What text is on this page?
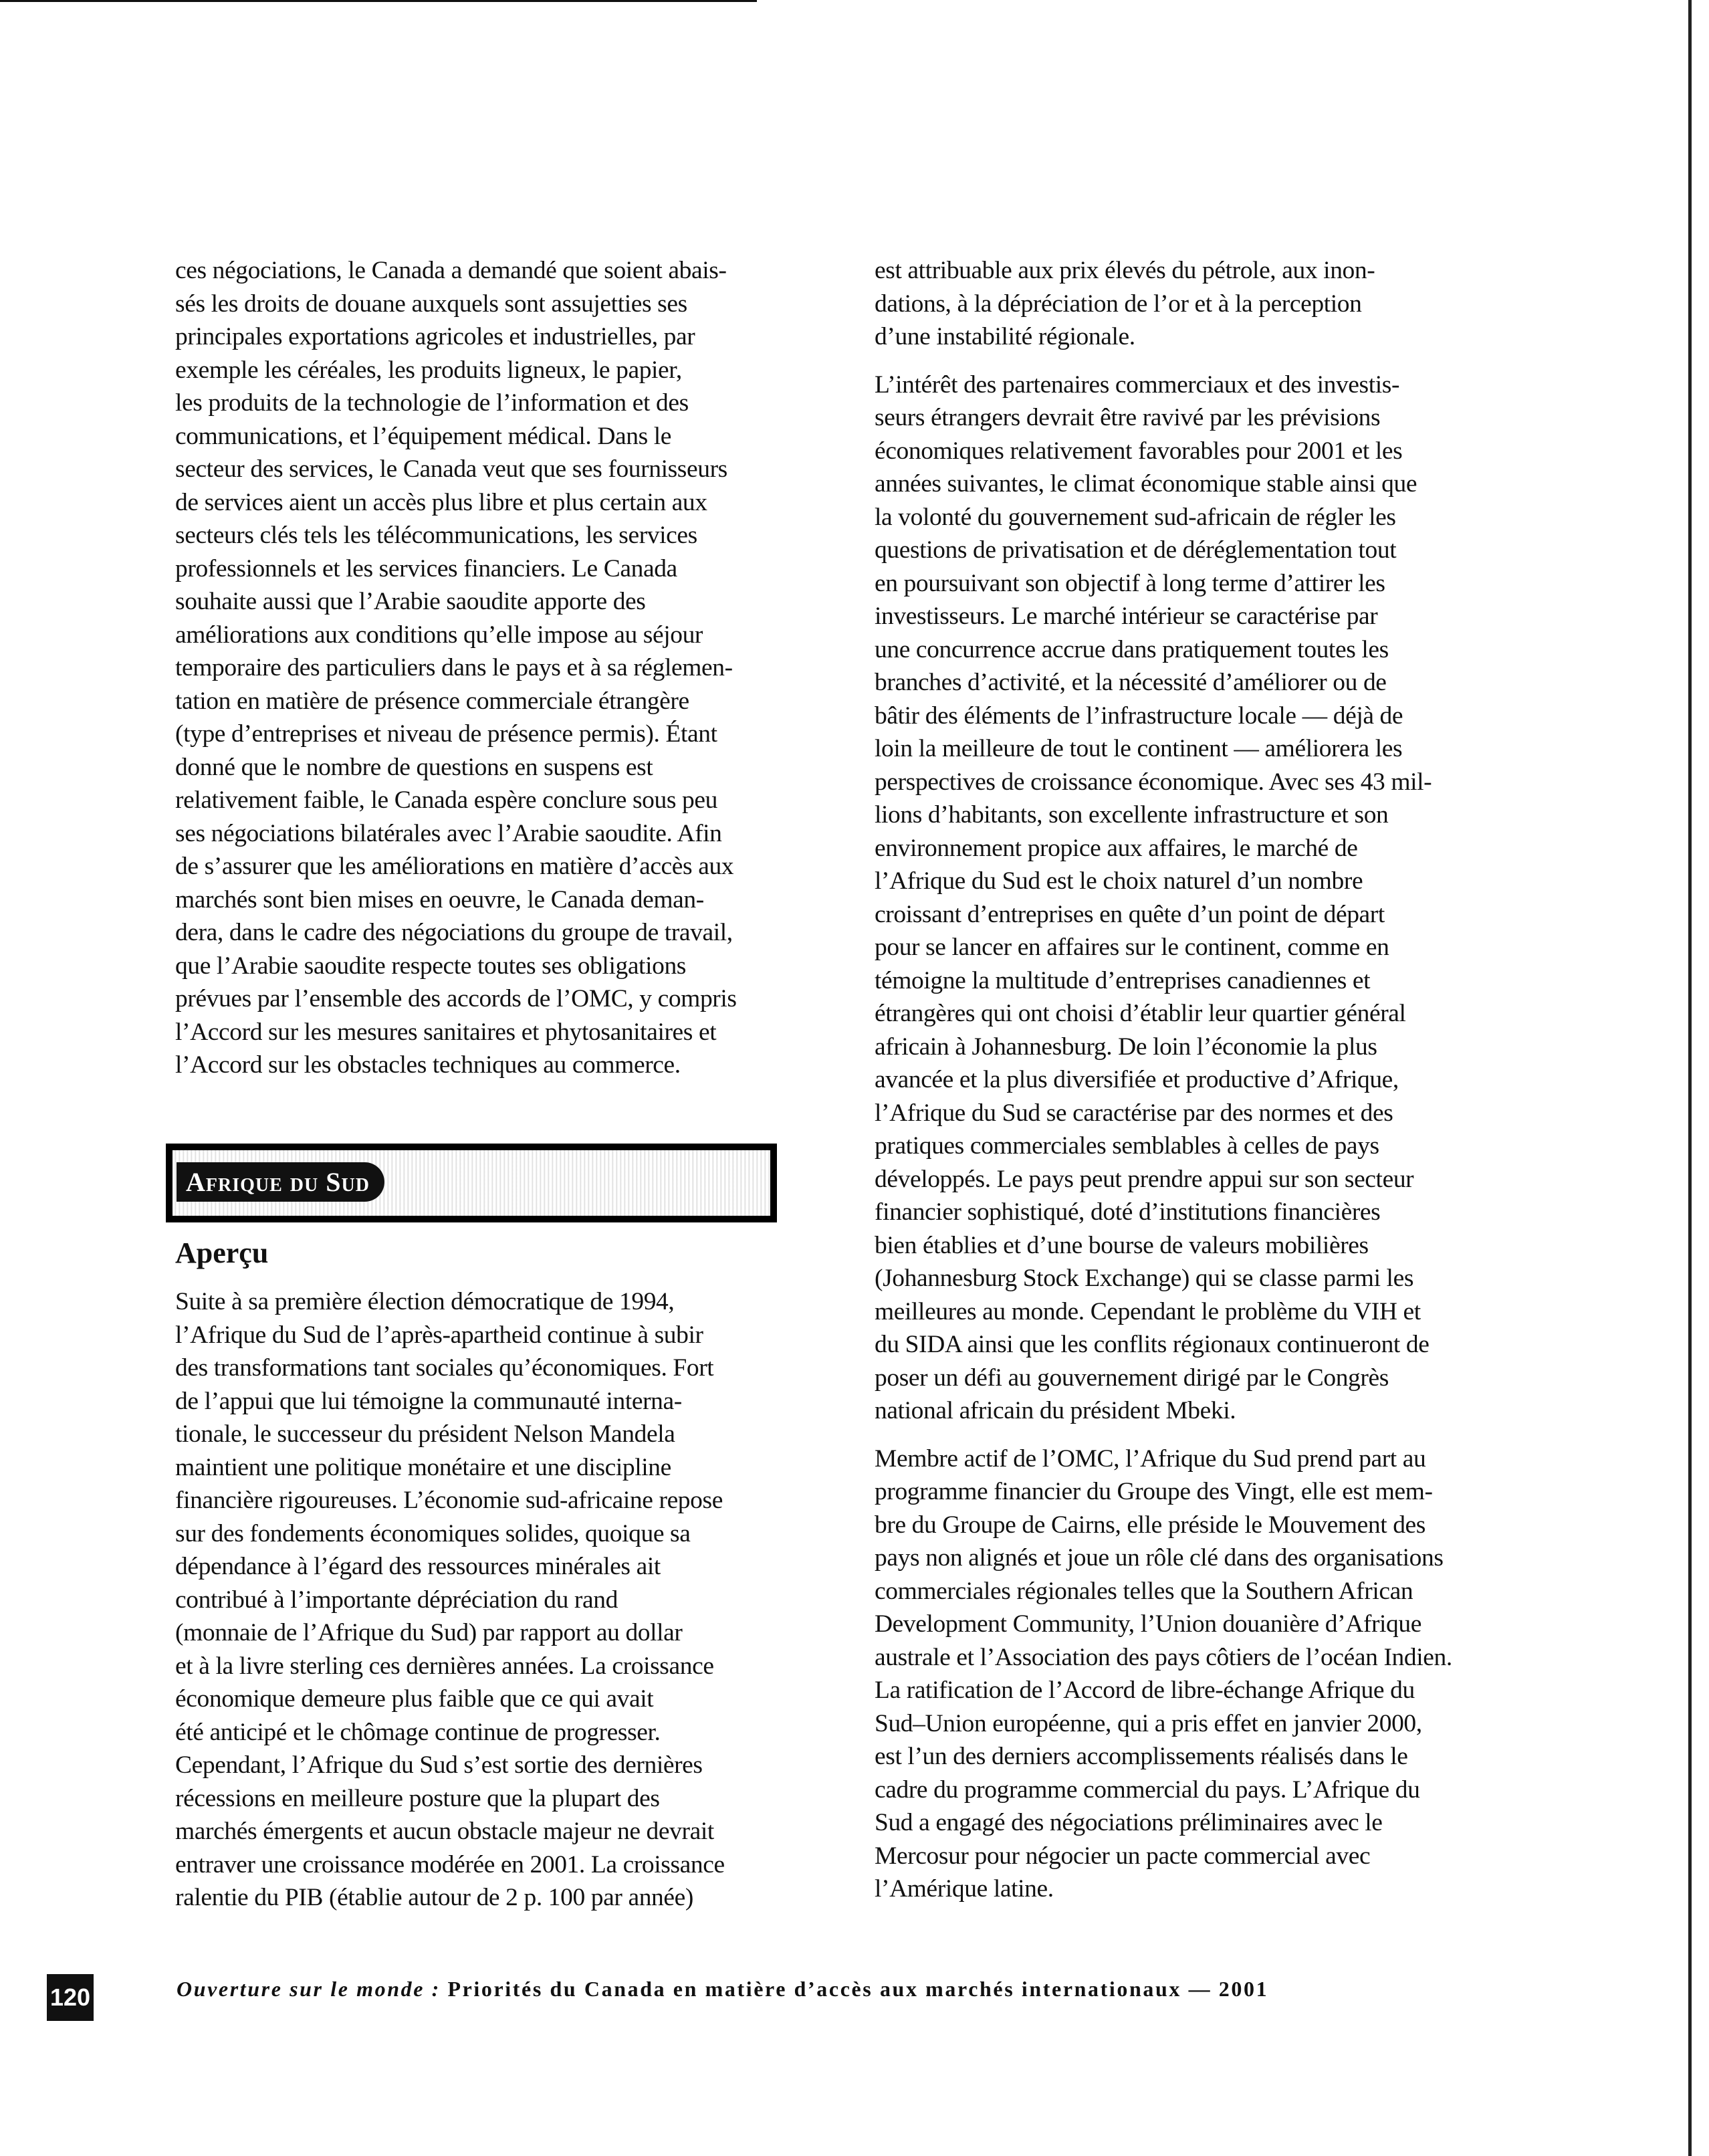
ces négociations, le Canada a demandé que soient abais-
sés les droits de douane auxquels sont assujetties ses
principales exportations agricoles et industrielles, par
exemple les céréales, les produits ligneux, le papier,
les produits de la technologie de l’information et des
communications, et l’équipement médical. Dans le
secteur des services, le Canada veut que ses fournisseurs
de services aient un accès plus libre et plus certain aux
secteurs clés tels les télécommunications, les services
professionnels et les services financiers. Le Canada
souhaite aussi que l’Arabie saoudite apporte des
améliorations aux conditions qu’elle impose au séjour
temporaire des particuliers dans le pays et à sa réglemen-
tation en matière de présence commerciale étrangère
(type d’entreprises et niveau de présence permis). Étant
donné que le nombre de questions en suspens est
relativement faible, le Canada espère conclure sous peu
ses négociations bilatérales avec l’Arabie saoudite. Afin
de s’assurer que les améliorations en matière d’accès aux
marchés sont bien mises en oeuvre, le Canada deman-
dera, dans le cadre des négociations du groupe de travail,
que l’Arabie saoudite respecte toutes ses obligations
prévues par l’ensemble des accords de l’OMC, y compris
l’Accord sur les mesures sanitaires et phytosanitaires et
l’Accord sur les obstacles techniques au commerce.

Afrique du Sud
Aperçu

Suite à sa première élection démocratique de 1994,
l’Afrique du Sud de l’après-apartheid continue à subir
des transformations tant sociales qu’économiques. Fort
de l’appui que lui témoigne la communauté interna-
tionale, le successeur du président Nelson Mandela
maintient une politique monétaire et une discipline
financière rigoureuses. L’économie sud-africaine repose
sur des fondements économiques solides, quoique sa
dépendance à l’égard des ressources minérales ait
contribué à l’importante dépréciation du rand
(monnaie de l’Afrique du Sud) par rapport au dollar
et à la livre sterling ces dernières années. La croissance
économique demeure plus faible que ce qui avait
été anticipé et le chômage continue de progresser.
Cependant, l’Afrique du Sud s’est sortie des dernières
récessions en meilleure posture que la plupart des
marchés émergents et aucun obstacle majeur ne devrait
entraver une croissance modérée en 2001. La croissance
ralentie du PIB (établie autour de 2 p. 100 par année)

est attribuable aux prix élevés du pétrole, aux inon-
dations, à la dépréciation de l’or et à la perception
d’une instabilité régionale.

L’intérêt des partenaires commerciaux et des investis-
seurs étrangers devrait être ravivé par les prévisions
économiques relativement favorables pour 2001 et les
années suivantes, le climat économique stable ainsi que
la volonté du gouvernement sud-africain de régler les
questions de privatisation et de déréglementation tout
en poursuivant son objectif à long terme d’attirer les
investisseurs. Le marché intérieur se caractérise par
une concurrence accrue dans pratiquement toutes les
branches d’activité, et la nécessité d’améliorer ou de
bâtir des éléments de l’infrastructure locale — déjà de
loin la meilleure de tout le continent — améliorera les
perspectives de croissance économique. Avec ses 43 mil-
lions d’habitants, son excellente infrastructure et son
environnement propice aux affaires, le marché de
l’Afrique du Sud est le choix naturel d’un nombre
croissant d’entreprises en quête d’un point de départ
pour se lancer en affaires sur le continent, comme en
témoigne la multitude d’entreprises canadiennes et
étrangères qui ont choisi d’établir leur quartier général
africain à Johannesburg. De loin l’économie la plus
avancée et la plus diversifiée et productive d’Afrique,
l’Afrique du Sud se caractérise par des normes et des
pratiques commerciales semblables à celles de pays
développés. Le pays peut prendre appui sur son secteur
financier sophistiqué, doté d’institutions financières
bien établies et d’une bourse de valeurs mobilières
(Johannesburg Stock Exchange) qui se classe parmi les
meilleures au monde. Cependant le problème du VIH et
du SIDA ainsi que les conflits régionaux continueront de
poser un défi au gouvernement dirigé par le Congrès
national africain du président Mbeki.

Membre actif de l’OMC, l’Afrique du Sud prend part au
programme financier du Groupe des Vingt, elle est mem-
bre du Groupe de Cairns, elle préside le Mouvement des
pays non alignés et joue un rôle clé dans des organisations
commerciales régionales telles que la Southern African
Development Community, l’Union douanière d’Afrique
australe et l’Association des pays côtiers de l’océan Indien.
La ratification de l’Accord de libre-échange Afrique du
Sud–Union européenne, qui a pris effet en janvier 2000,
est l’un des derniers accomplissements réalisés dans le
cadre du programme commercial du pays. L’Afrique du
Sud a engagé des négociations préliminaires avec le
Mercosur pour négocier un pacte commercial avec
l’Amérique latine.

120	Ouverture sur le monde : Priorités du Canada en matière d’accès aux marchés internationaux — 2001
